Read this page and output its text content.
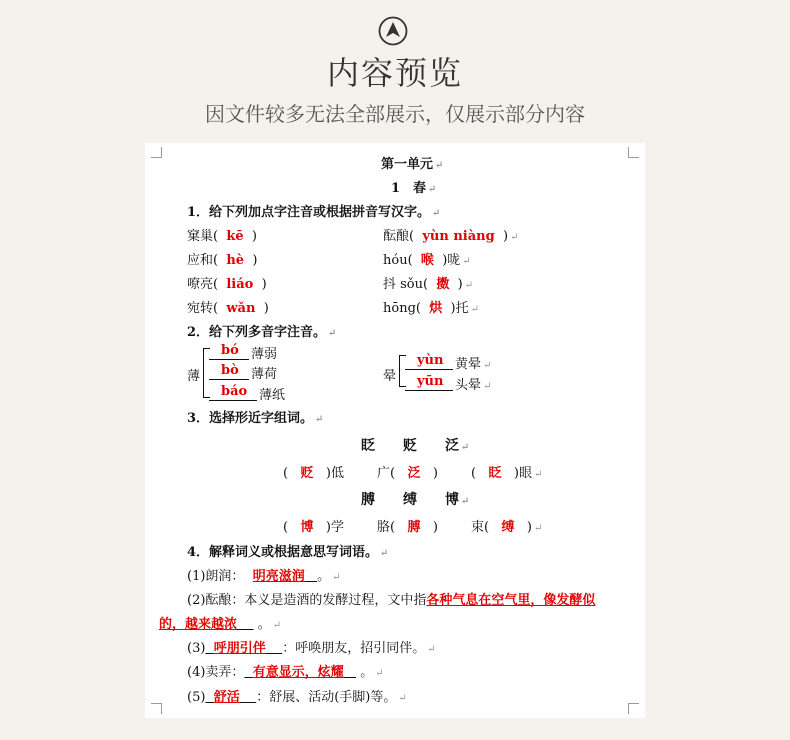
内容预览
因文件较多无法全部展示，仅展示部分内容
第一单元 ↵
1　春 ↵
1．给下列加点字注音或根据拼音写汉字。 ↵
窠巢( kē )	酝酿( yùn niàng ) ↵
应和( hè )	hóu( 喉 )咙 ↵
嘹亮( liáo )	抖 sǒu( 擞 ) ↵
宛转( wǎn )	hōng( 烘 )托 ↵
2．给下列多音字注音。 ↵
薄
bó 薄弱
bò 薄荷
báo 薄纸
晕
yùn 黄晕 ↵
yūn 头晕 ↵
3．选择形近字组词。 ↵
眨　　贬　　泛 ↵
( 贬 )低	广( 泛 )	( 眨 )眼 ↵
膊　　缚　　博 ↵
( 博 )学	胳( 膊 )	束( 缚 ) ↵
4．解释词义或根据意思写词语。 ↵
(1)朗润： 明亮滋润 。 ↵
(2)酝酿：本义是造酒的发酵过程，文中指各种气息在空气里，像发酵似
的，越来越浓 。 ↵
(3) 呼朋引伴 ：呼唤朋友，招引同伴。 ↵
(4)卖弄： 有意显示，炫耀 。 ↵
(5) 舒活 ：舒展、活动(手脚)等。 ↵
